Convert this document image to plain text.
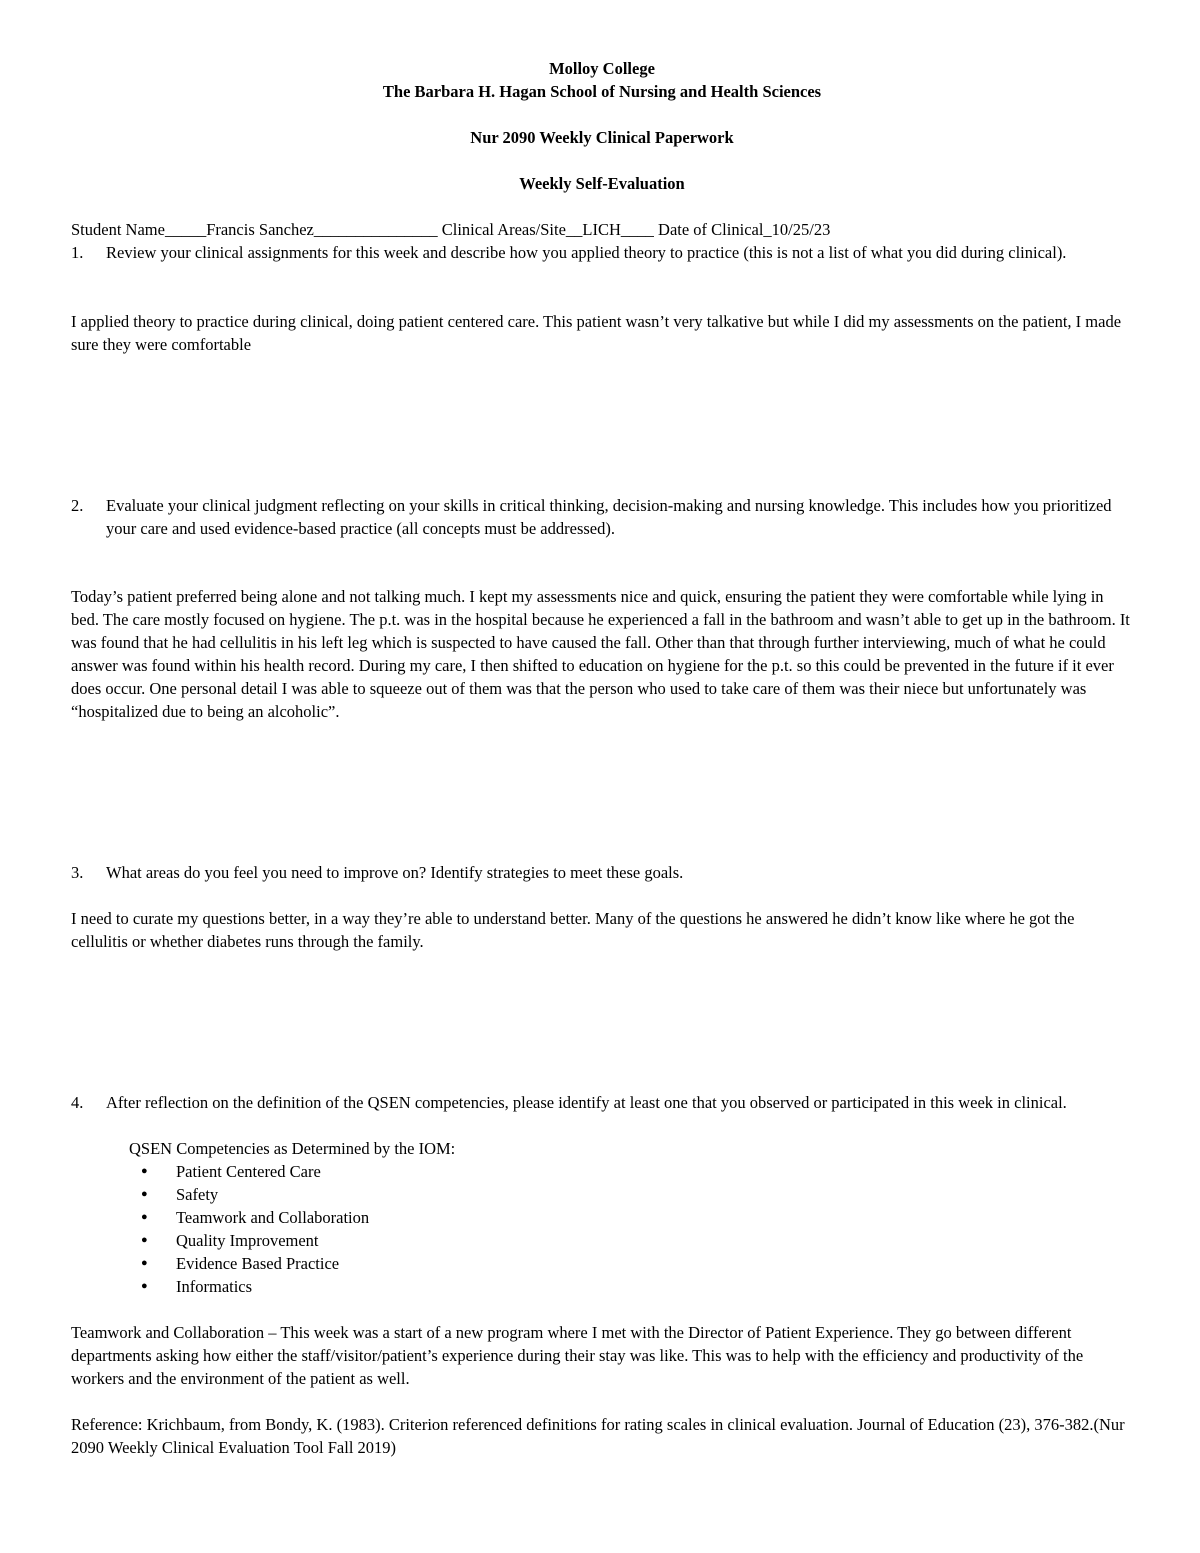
Molloy College
The Barbara H. Hagan School of Nursing and Health Sciences
Nur 2090 Weekly Clinical Paperwork
Weekly Self-Evaluation
Student Name_____Francis Sanchez_______________ Clinical Areas/Site__LICH____ Date of Clinical_10/25/23
1. Review your clinical assignments for this week and describe how you applied theory to practice (this is not a list of what you did during clinical).

I applied theory to practice during clinical, doing patient centered care. This patient wasn’t very talkative but while I did my assessments on the patient, I made sure they were comfortable

2. Evaluate your clinical judgment reflecting on your skills in critical thinking, decision-making and nursing knowledge. This includes how you prioritized your care and used evidence-based practice (all concepts must be addressed).

Today’s patient preferred being alone and not talking much. I kept my assessments nice and quick, ensuring the patient they were comfortable while lying in bed. The care mostly focused on hygiene. The p.t. was in the hospital because he experienced a fall in the bathroom and wasn’t able to get up in the bathroom. It was found that he had cellulitis in his left leg which is suspected to have caused the fall. Other than that through further interviewing, much of what he could answer was found within his health record. During my care, I then shifted to education on hygiene for the p.t. so this could be prevented in the future if it ever does occur. One personal detail I was able to squeeze out of them was that the person who used to take care of them was their niece but unfortunately was “hospitalized due to being an alcoholic”.

3. What areas do you feel you need to improve on? Identify strategies to meet these goals.

I need to curate my questions better, in a way they’re able to understand better. Many of the questions he answered he didn’t know like where he got the cellulitis or whether diabetes runs through the family.

4. After reflection on the definition of the QSEN competencies, please identify at least one that you observed or participated in this week in clinical.
QSEN Competencies as Determined by the IOM:
● Patient Centered Care
● Safety
● Teamwork and Collaboration
● Quality Improvement
● Evidence Based Practice
● Informatics

Teamwork and Collaboration – This week was a start of a new program where I met with the Director of Patient Experience. They go between different departments asking how either the staff/visitor/patient’s experience during their stay was like. This was to help with the efficiency and productivity of the workers and the environment of the patient as well.

Reference: Krichbaum, from Bondy, K. (1983). Criterion referenced definitions for rating scales in clinical evaluation. Journal of Education (23), 376-382.(Nur 2090 Weekly Clinical Evaluation Tool Fall 2019)
